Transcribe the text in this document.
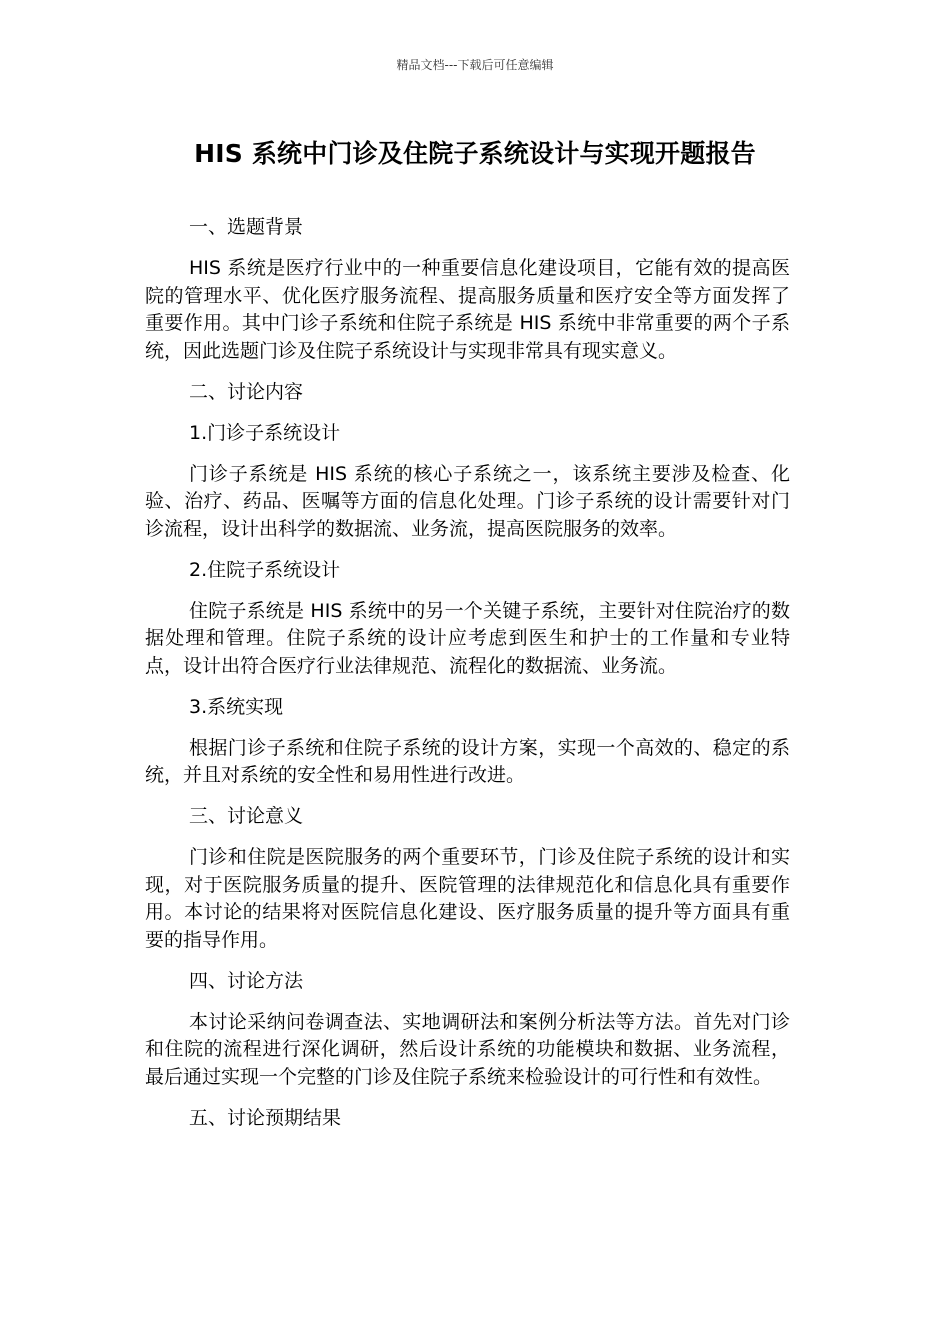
精品文档---下载后可任意编辑
HIS 系统中门诊及住院子系统设计与实现开题报告

一、选题背景

HIS 系统是医疗行业中的一种重要信息化建设项目，它能有效的提高医院的管理水平、优化医疗服务流程、提高服务质量和医疗安全等方面发挥了重要作用。其中门诊子系统和住院子系统是 HIS 系统中非常重要的两个子系统，因此选题门诊及住院子系统设计与实现非常具有现实意义。

二、讨论内容

1.门诊子系统设计

门诊子系统是 HIS 系统的核心子系统之一，该系统主要涉及检查、化验、治疗、药品、医嘱等方面的信息化处理。门诊子系统的设计需要针对门诊流程，设计出科学的数据流、业务流，提高医院服务的效率。

2.住院子系统设计

住院子系统是 HIS 系统中的另一个关键子系统，主要针对住院治疗的数据处理和管理。住院子系统的设计应考虑到医生和护士的工作量和专业特点，设计出符合医疗行业法律规范、流程化的数据流、业务流。

3.系统实现

根据门诊子系统和住院子系统的设计方案，实现一个高效的、稳定的系统，并且对系统的安全性和易用性进行改进。

三、讨论意义

门诊和住院是医院服务的两个重要环节，门诊及住院子系统的设计和实现，对于医院服务质量的提升、医院管理的法律规范化和信息化具有重要作用。本讨论的结果将对医院信息化建设、医疗服务质量的提升等方面具有重要的指导作用。

四、讨论方法

本讨论采纳问卷调查法、实地调研法和案例分析法等方法。首先对门诊和住院的流程进行深化调研，然后设计系统的功能模块和数据、业务流程，最后通过实现一个完整的门诊及住院子系统来检验设计的可行性和有效性。

五、讨论预期结果
